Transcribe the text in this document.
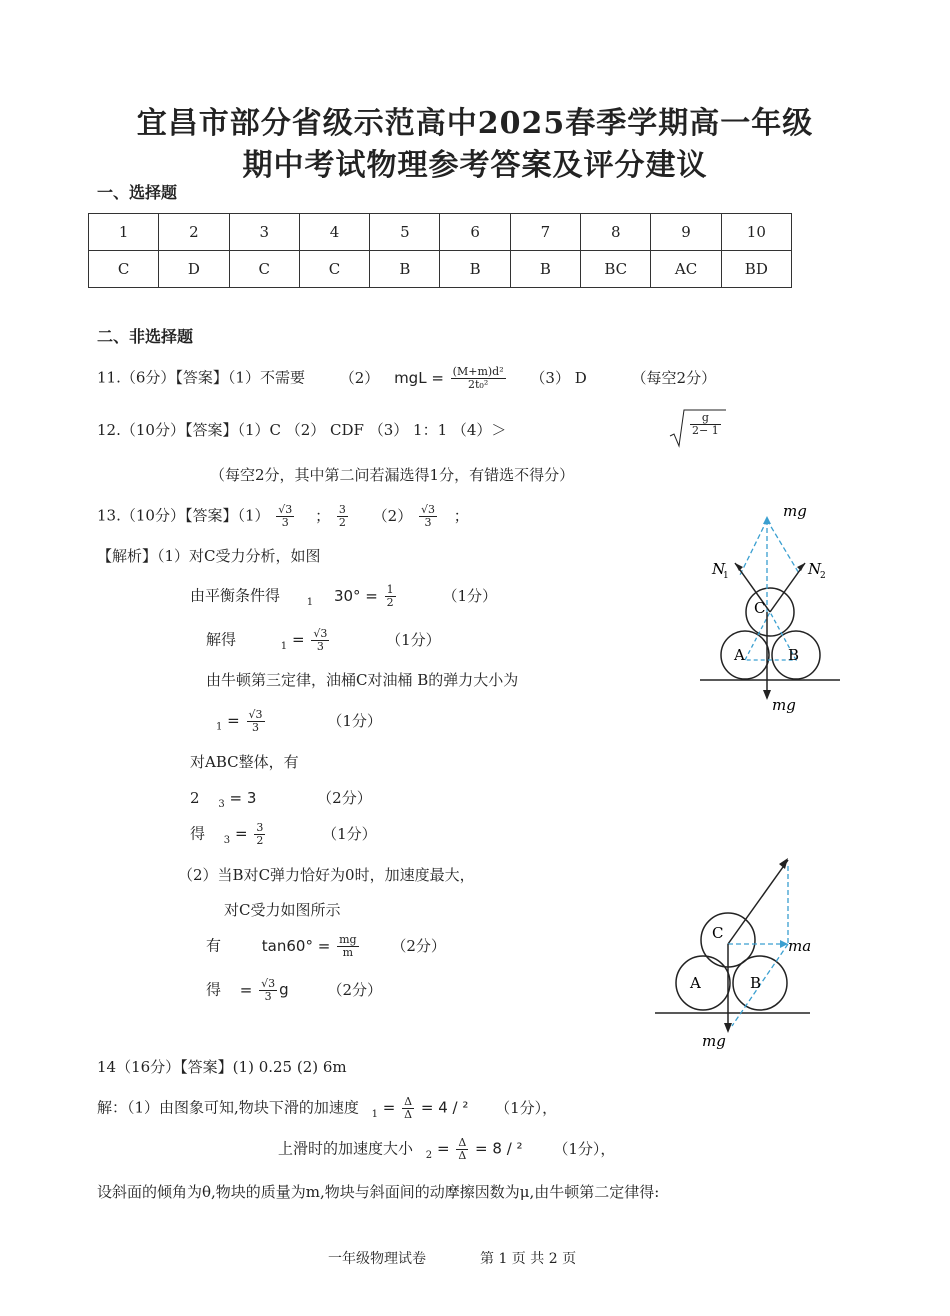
宜昌市部分省级示范高中2025春季学期高一年级
期中考试物理参考答案及评分建议
一、选择题
1	2	3	4	5	6	7	8	9	10
C	D	C	C	B	B	B	BC	AC	BD
二、非选择题
11.（6分）【答案】（1）不需要 （2） mgL = $\frac{\text{(M+m)d²}}{\text{2t₀²}} (3)$ D	（每空2分）
12.（10分）【答案】（1）C （2） CDF （3） 1：1 （4）＞	$\frac{g}{2- 1}$
（每空2分，其中第二问若漏选得1分，有错选不得分）
13.（10分）【答案】$(1) \frac{√3}{3}$ ； $\frac{3}{2} (2) \frac{√3}{3}$ ；
【解析】（1）对C受力分析，如图
由平衡条件得	$_1$ $30^\circ = \frac{1}{2}$	（1分）
解得	$_1 = \frac{√3}{3}$	（1分）
由牛顿第三定律，油桶C对油桶 B的弹力大小为
$_1 = \frac{√3}{3}$	（1分）
对ABC整体，有
2 $_3$ = 3	（2分）
得 $_3 = \frac{3}{2}$	（1分）
（2）当B对C弹力恰好为0时，加速度最大，
对C受力如图所示
有	$\tan 60^\circ = \frac{mg}{m} (2$分）
得 = $\frac{√3}{3}$ g	（2分）
mg
N
1	N
2
A	B
C
mg
C
A	B
ma
mg
14（16分）【答案】(1) 0.25 (2) 6m
解：（1）由图象可知,物块下滑的加速度 $_1 = \frac{\Delta}{\Delta} = 4 / ^2$ （1分），
上滑时的加速度大小 $_2 = \frac{\Delta}{\Delta} = 8 / ^2$ （1分），
设斜面的倾角为θ,物块的质量为m,物块与斜面间的动摩擦因数为μ,由牛顿第二定律得:
一年级物理试卷	第 1 页 共 2 页
